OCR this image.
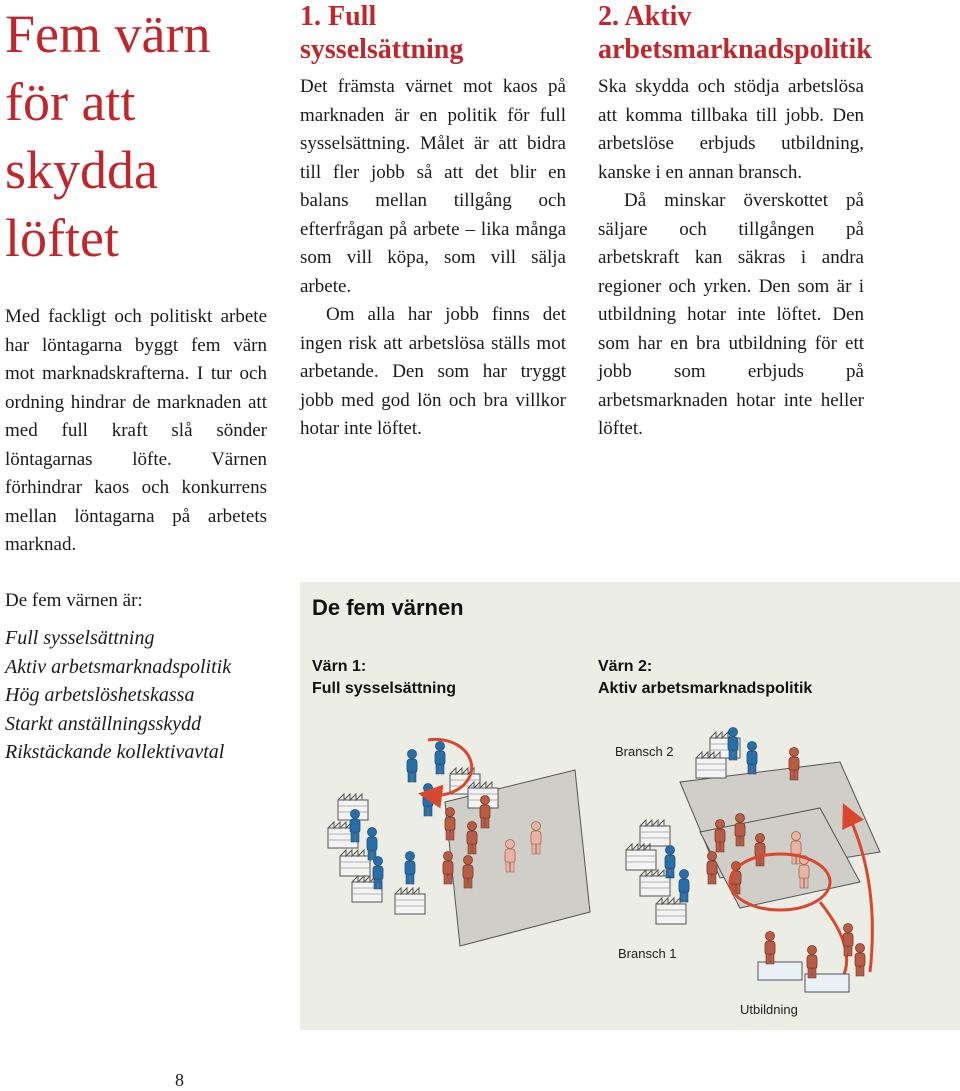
Fem värn för att skydda löftet

Med fackligt och politiskt arbete har löntagarna byggt fem värn mot marknadskrafterna. I tur och ordning hindrar de marknaden att med full kraft slå sönder löntagarnas löfte. Värnen förhindrar kaos och konkurrens mellan löntagarna på arbetets marknad.

De fem värnen är:

Full sysselsättning
Aktiv arbetsmarknadspolitik
Hög arbetslöshetskassa
Starkt anställningsskydd
Rikstäckande kollektivavtal
1. Full sysselsättning

Det främsta värnet mot kaos på marknaden är en politik för full sysselsättning. Målet är att bidra till fler jobb så att det blir en balans mellan tillgång och efterfrågan på arbete – lika många som vill köpa, som vill sälja arbete.

Om alla har jobb finns det ingen risk att arbetslösa ställs mot arbetande. Den som har tryggt jobb med god lön och bra villkor hotar inte löftet.

2. Aktiv arbetsmarknadspolitik

Ska skydda och stödja arbetslösa att komma tillbaka till jobb. Den arbetslöse erbjuds utbildning, kanske i en annan bransch.

Då minskar överskottet på säljare och tillgången på arbetskraft kan säkras i andra regioner och yrken. Den som är i utbildning hotar inte löftet. Den som har en bra utbildning för ett jobb som erbjuds på arbetsmarknaden hotar inte heller löftet.

De fem värnen

Värn 1:
Full sysselsättning
Värn 2:
Aktiv arbetsmarknadspolitik
Bransch 2
Bransch 1
Utbildning
8
